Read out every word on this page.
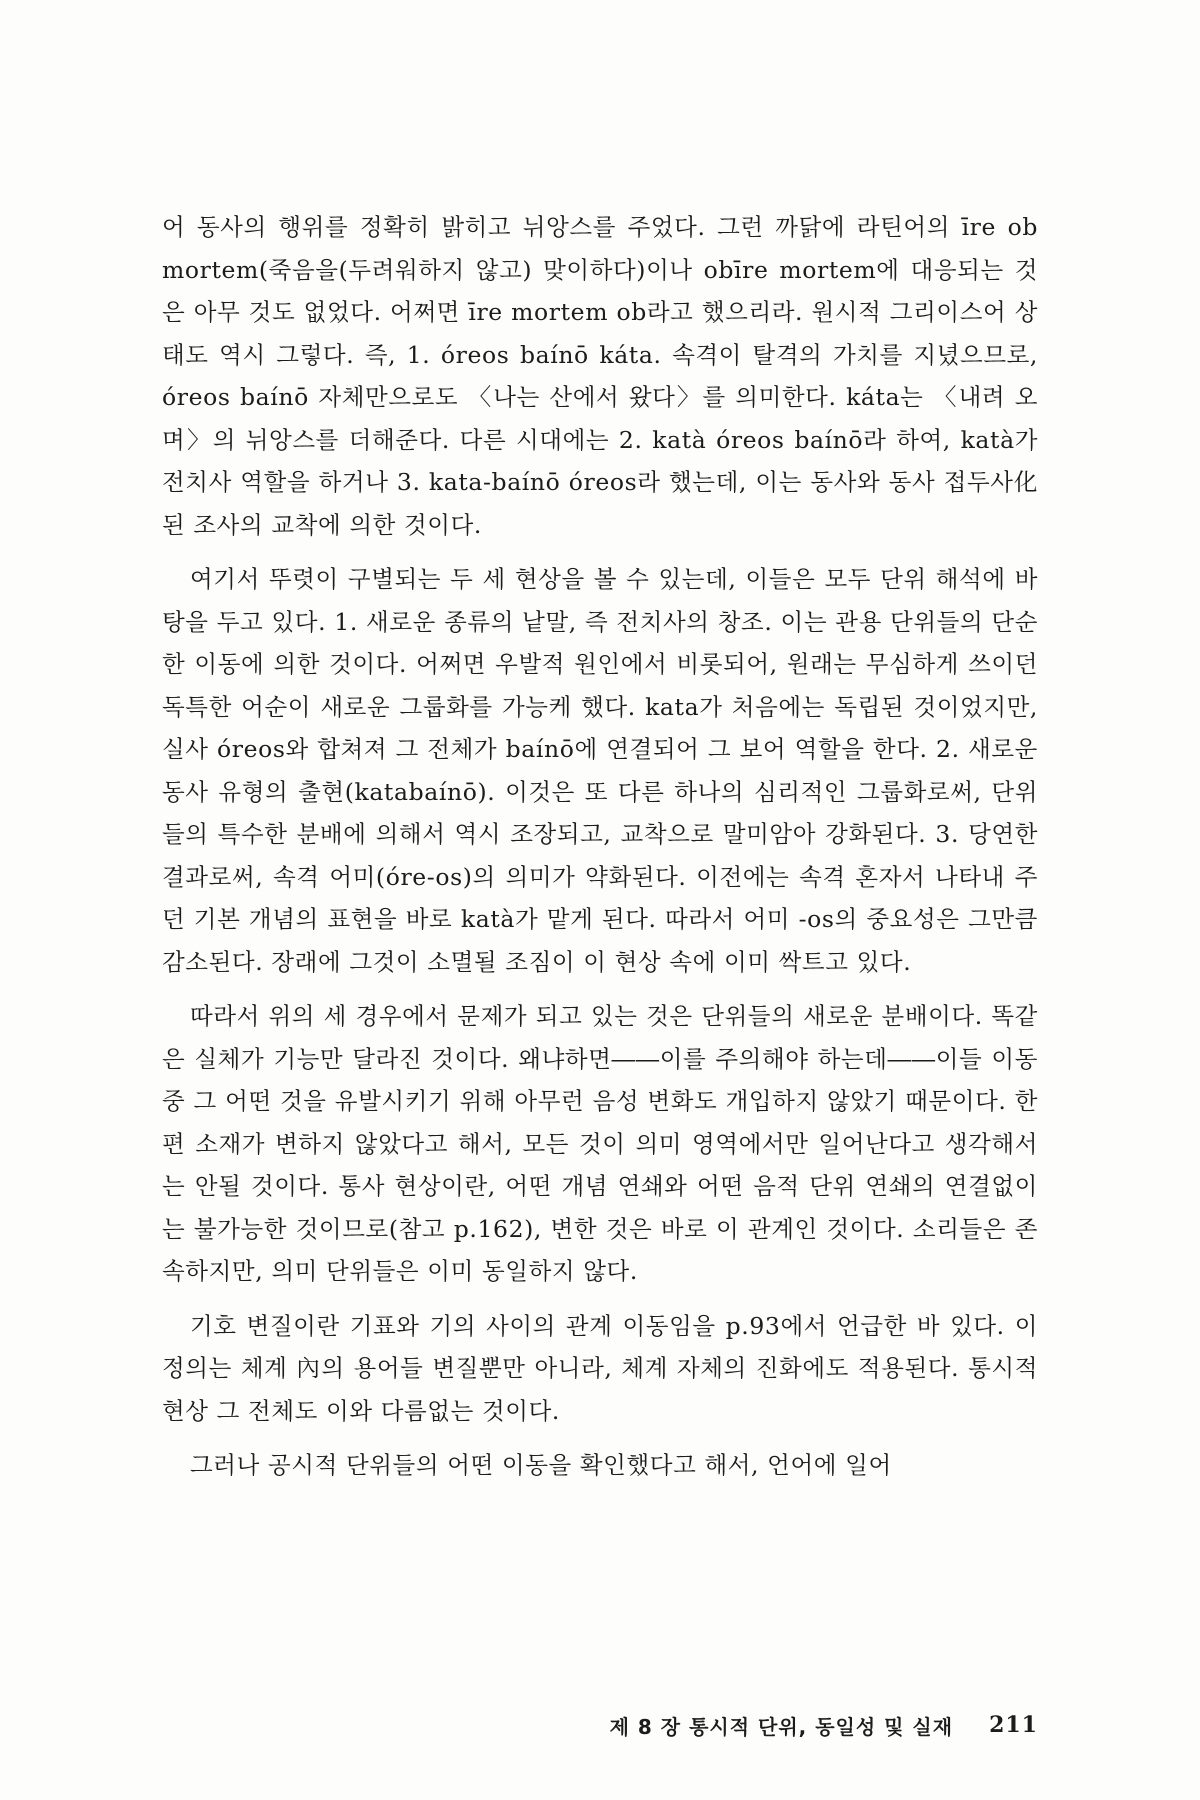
어 동사의 행위를 정확히 밝히고 뉘앙스를 주었다. 그런 까닭에 라틴어의 īre ob mortem(죽음을(두려워하지 않고) 맞이하다)이나 obīre mortem에 대응되는 것은 아무 것도 없었다. 어쩌면 īre mortem ob라고 했으리라. 원시적 그리이스어 상태도 역시 그렇다. 즉, 1. óreos baínō káta. 속격이 탈격의 가치를 지녔으므로, óreos baínō 자체만으로도 〈나는 산에서 왔다〉를 의미한다. káta는 〈내려 오며〉의 뉘앙스를 더해준다. 다른 시대에는 2. katà óreos baínō라 하여, katà가 전치사 역할을 하거나 3. kata-baínō óreos라 했는데, 이는 동사와 동사 접두사化된 조사의 교착에 의한 것이다.

여기서 뚜렷이 구별되는 두 세 현상을 볼 수 있는데, 이들은 모두 단위 해석에 바탕을 두고 있다. 1. 새로운 종류의 낱말, 즉 전치사의 창조. 이는 관용 단위들의 단순한 이동에 의한 것이다. 어쩌면 우발적 원인에서 비롯되어, 원래는 무심하게 쓰이던 독특한 어순이 새로운 그룹화를 가능케 했다. kata가 처음에는 독립된 것이었지만, 실사 óreos와 합쳐져 그 전체가 baínō에 연결되어 그 보어 역할을 한다. 2. 새로운 동사 유형의 출현(katabaínō). 이것은 또 다른 하나의 심리적인 그룹화로써, 단위들의 특수한 분배에 의해서 역시 조장되고, 교착으로 말미암아 강화된다. 3. 당연한 결과로써, 속격 어미(óre-os)의 의미가 약화된다. 이전에는 속격 혼자서 나타내 주던 기본 개념의 표현을 바로 katà가 맡게 된다. 따라서 어미 -os의 중요성은 그만큼 감소된다. 장래에 그것이 소멸될 조짐이 이 현상 속에 이미 싹트고 있다.

따라서 위의 세 경우에서 문제가 되고 있는 것은 단위들의 새로운 분배이다. 똑같은 실체가 기능만 달라진 것이다. 왜냐하면――이를 주의해야 하는데――이들 이동 중 그 어떤 것을 유발시키기 위해 아무런 음성 변화도 개입하지 않았기 때문이다. 한편 소재가 변하지 않았다고 해서, 모든 것이 의미 영역에서만 일어난다고 생각해서는 안될 것이다. 통사 현상이란, 어떤 개념 연쇄와 어떤 음적 단위 연쇄의 연결없이는 불가능한 것이므로(참고 p.162), 변한 것은 바로 이 관계인 것이다. 소리들은 존속하지만, 의미 단위들은 이미 동일하지 않다.

기호 변질이란 기표와 기의 사이의 관계 이동임을 p.93에서 언급한 바 있다. 이 정의는 체계 內의 용어들 변질뿐만 아니라, 체계 자체의 진화에도 적용된다. 통시적 현상 그 전체도 이와 다름없는 것이다.

그러나 공시적 단위들의 어떤 이동을 확인했다고 해서, 언어에 일어

제 8 장 통시적 단위, 동일성 및 실재 211
